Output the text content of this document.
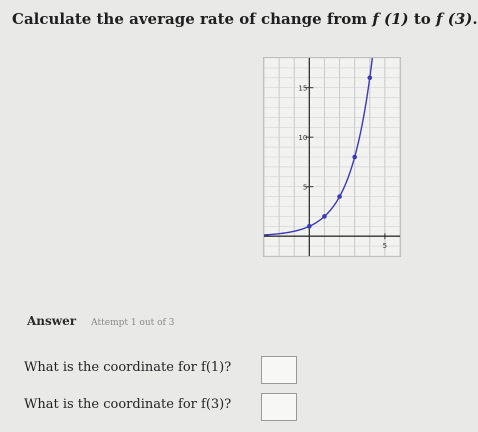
Calculate the average rate of change from f (1) to f (3).
5
10
15
5
Answer Attempt 1 out of 3
What is the coordinate for f(1)?
What is the coordinate for f(3)?
